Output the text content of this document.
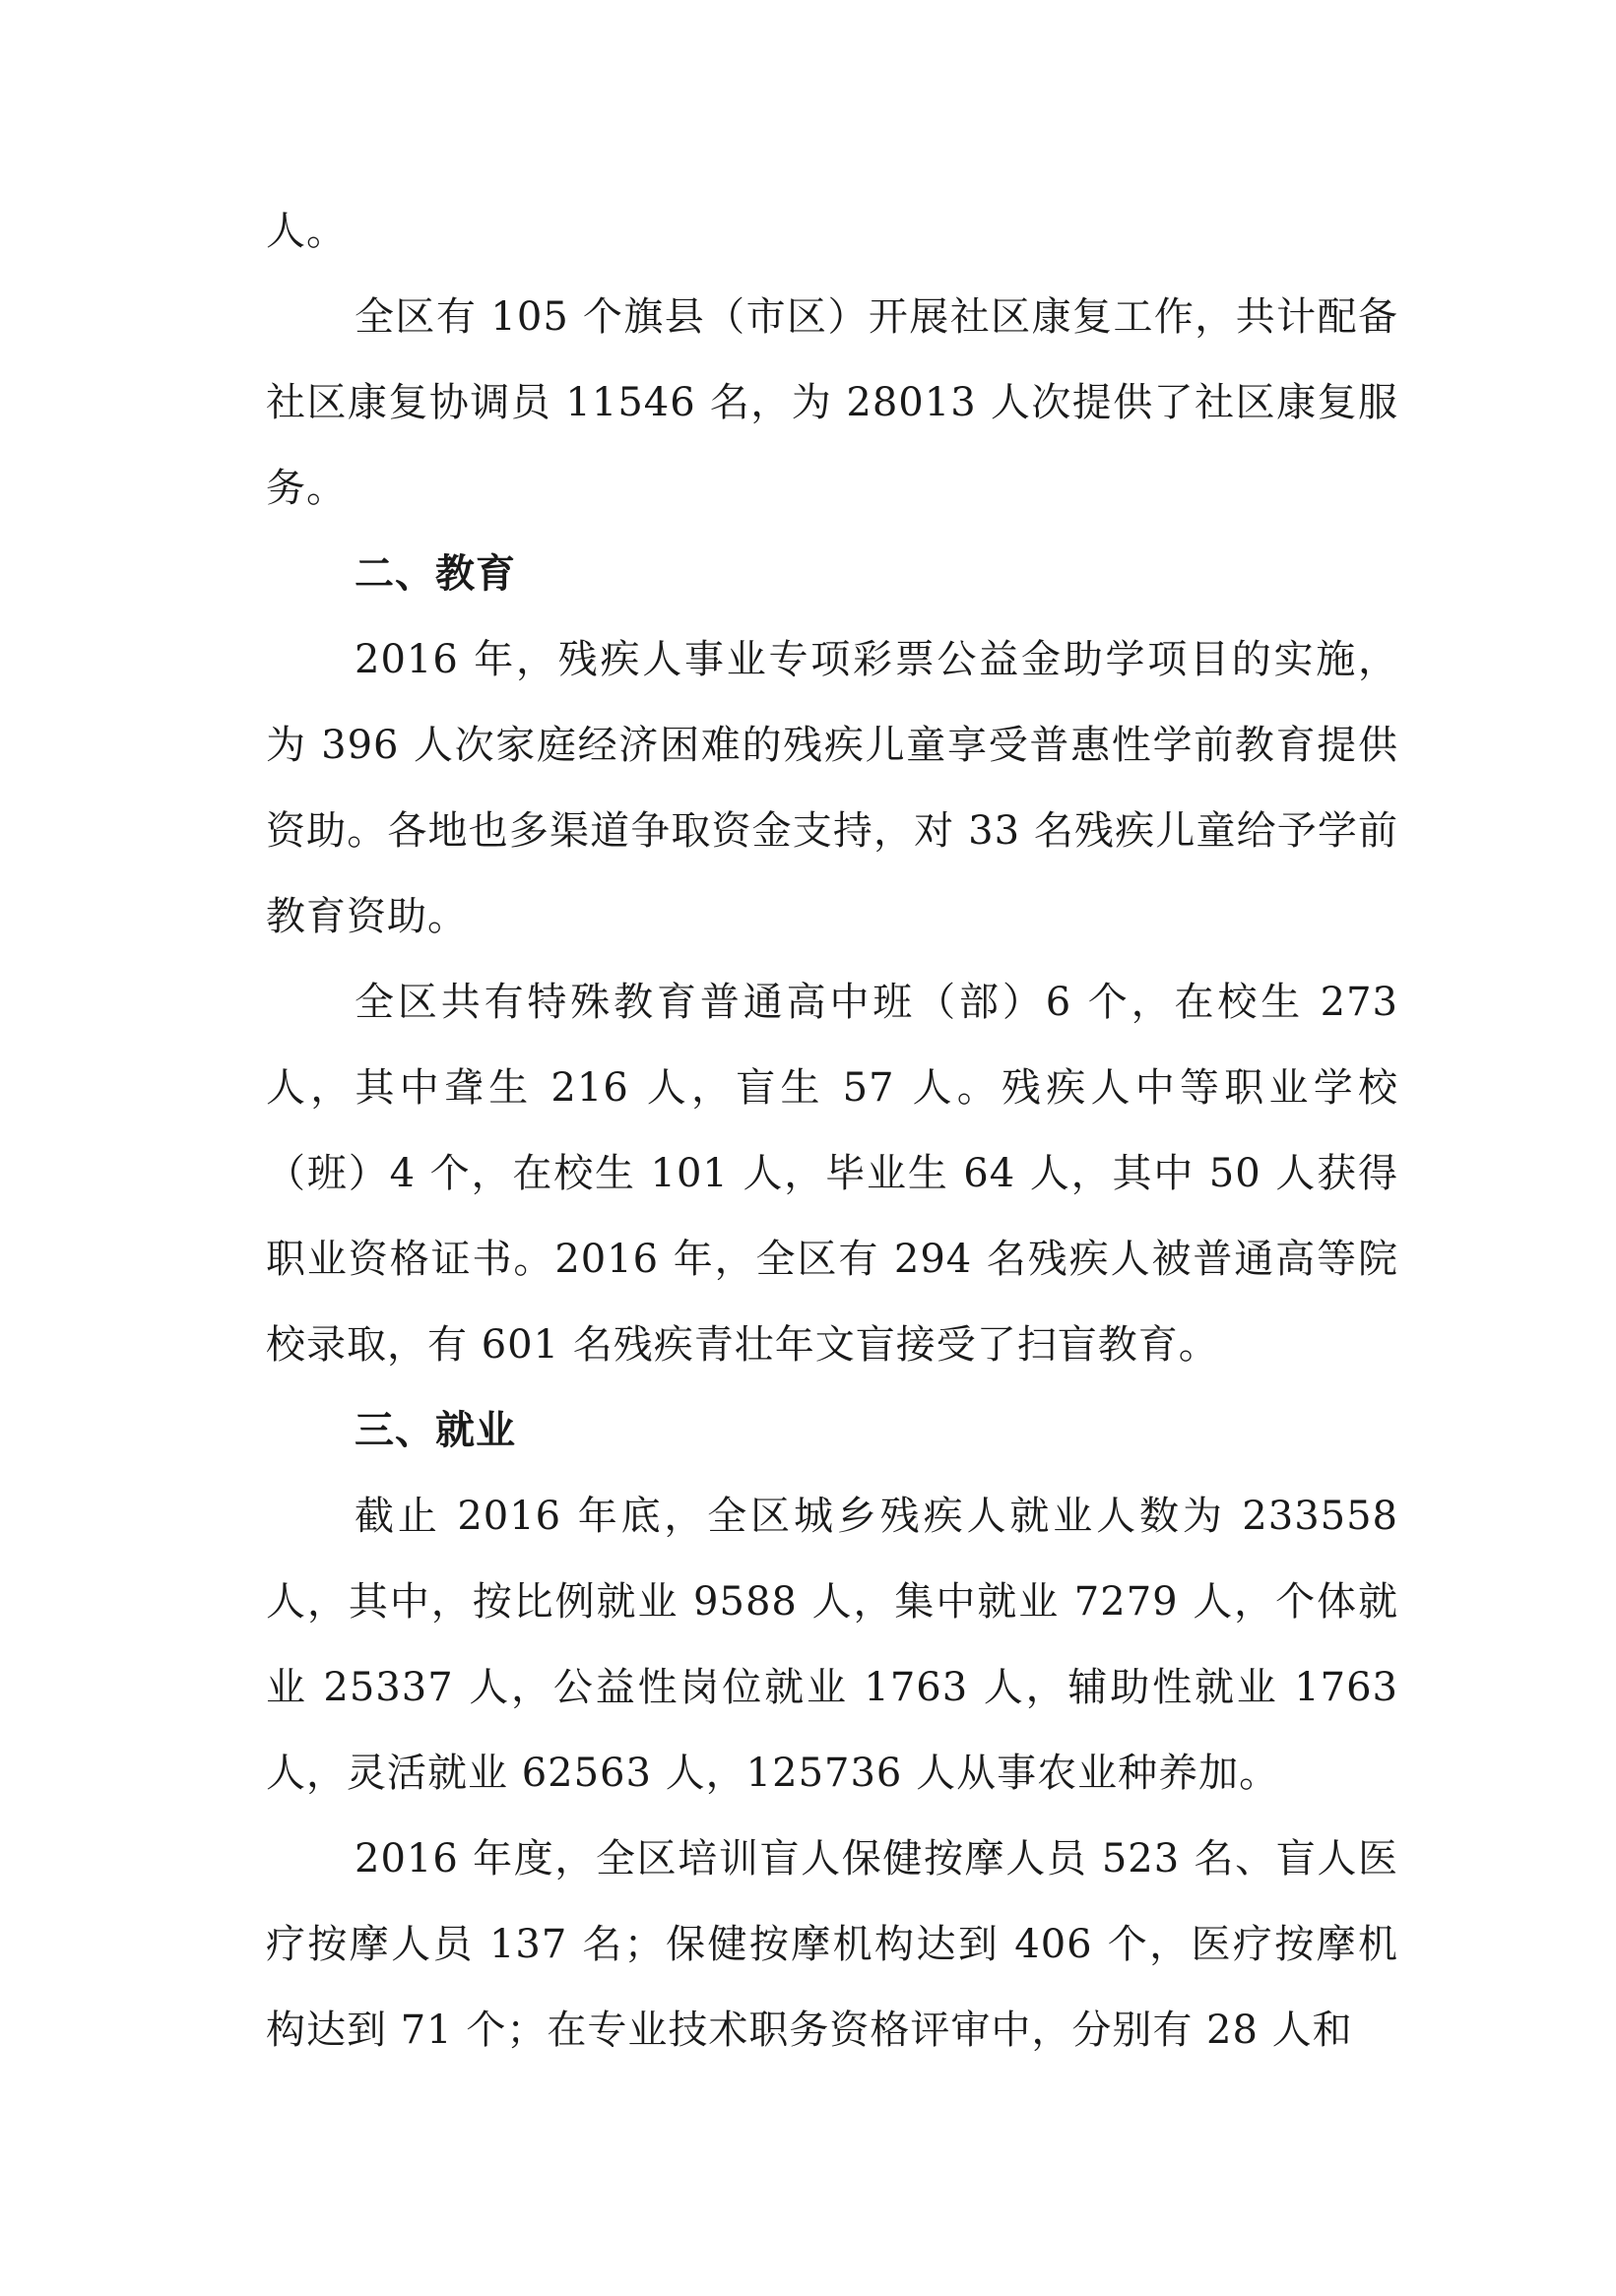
人。

全区有 105 个旗县（市区）开展社区康复工作，共计配备社区康复协调员 11546 名，为 28013 人次提供了社区康复服务。

二、教育

2016 年，残疾人事业专项彩票公益金助学项目的实施，为 396 人次家庭经济困难的残疾儿童享受普惠性学前教育提供资助。各地也多渠道争取资金支持，对 33 名残疾儿童给予学前教育资助。

全区共有特殊教育普通高中班（部）6 个，在校生 273 人，其中聋生 216 人，盲生 57 人。残疾人中等职业学校（班）4 个，在校生 101 人，毕业生 64 人，其中 50 人获得职业资格证书。2016 年，全区有 294 名残疾人被普通高等院校录取，有 601 名残疾青壮年文盲接受了扫盲教育。

三、就业

截止 2016 年底，全区城乡残疾人就业人数为 233558 人，其中，按比例就业 9588 人，集中就业 7279 人，个体就业 25337 人，公益性岗位就业 1763 人，辅助性就业 1763 人，灵活就业 62563 人，125736 人从事农业种养加。

2016 年度，全区培训盲人保健按摩人员 523 名、盲人医疗按摩人员 137 名；保健按摩机构达到 406 个，医疗按摩机构达到 71 个；在专业技术职务资格评审中，分别有 28 人和
